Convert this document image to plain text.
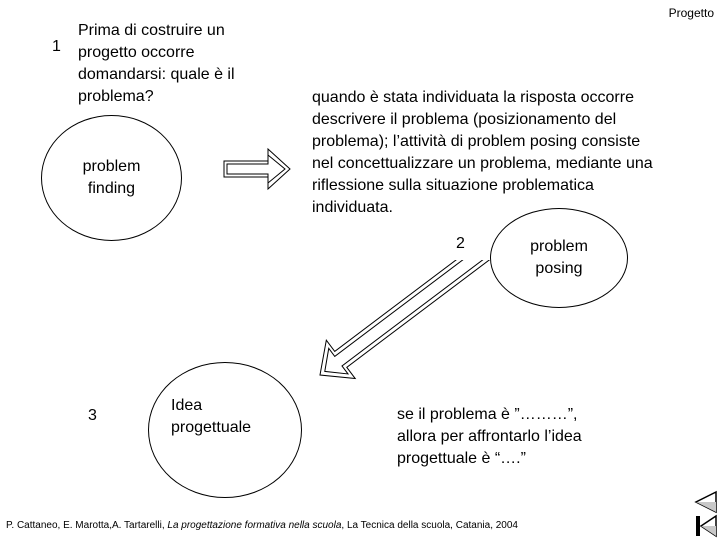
Progetto
1
Prima di costruire un
progetto occorre
domandarsi: quale è il
problema?
problem
finding
quando è stata individuata la risposta occorre
descrivere il problema (posizionamento del
problema); l’attività di problem posing consiste
nel concettualizzare un problema, mediante una
riflessione sulla situazione problematica
individuata.
2	problem
posing
3
Idea
progettuale
se il problema è ”………”,
allora per affrontarlo l’idea
progettuale è “….”
P. Cattaneo, E. Marotta,A. Tartarelli, La progettazione formativa nella scuola, La Tecnica della scuola, Catania, 2004
